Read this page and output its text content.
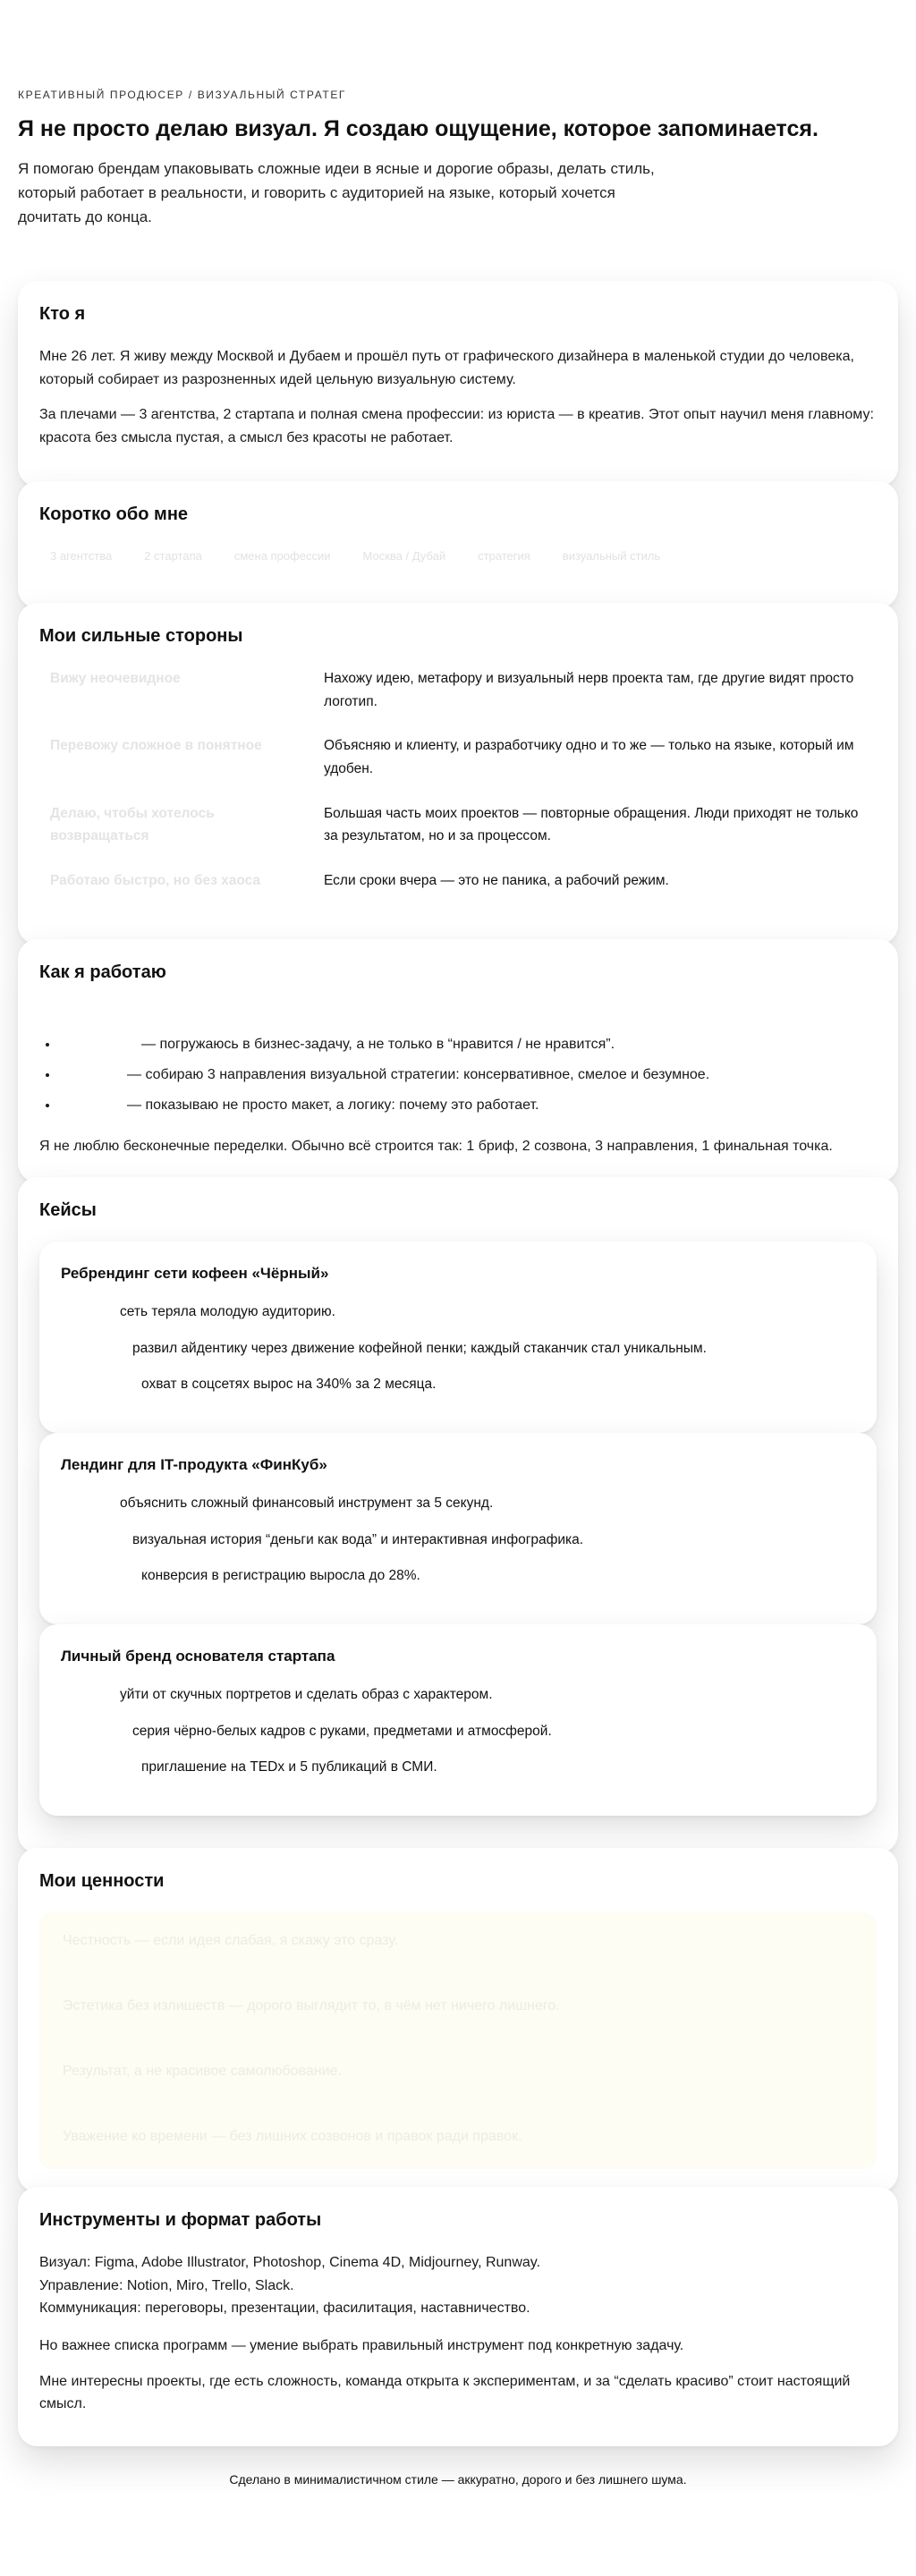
КРЕАТИВНЫЙ ПРОДЮСЕР / ВИЗУАЛЬНЫЙ СТРАТЕГ
Я не просто делаю визуал. Я создаю ощущение, которое запоминается.

Я помогаю брендам упаковывать сложные идеи в ясные и дорогие образы, делать стиль, который работает в реальности, и говорить с аудиторией на языке, который хочется дочитать до конца.

Кто я

Мне 26 лет. Я живу между Москвой и Дубаем и прошёл путь от графического дизайнера в маленькой студии до человека, который собирает из разрозненных идей цельную визуальную систему.

За плечами — 3 агентства, 2 стартапа и полная смена профессии: из юриста — в креатив. Этот опыт научил меня главному: красота без смысла пустая, а смысл без красоты не работает.

Коротко обо мне
3 агентства	2 стартапа	смена профессии	Москва / Дубай	стратегия	визуальный стиль
Мои сильные стороны
Вижу неочевидное	Нахожу идею, метафору и визуальный нерв проекта там, где другие видят просто логотип.
Перевожу сложное в понятное	Объясняю и клиенту, и разработчику одно и то же — только на языке, который им удобен.
Делаю, чтобы хотелось возвращаться	Большая часть моих проектов — повторные обращения. Люди приходят не только за результатом, но и за процессом.
Работаю быстро, но без хаоса	Если сроки вчера — это не паника, а рабочий режим.
Как я работаю
• — погружаюсь в бизнес-задачу, а не только в “нравится / не нравится”.
• — собираю 3 направления визуальной стратегии: консервативное, смелое и безумное.
• — показываю не просто макет, а логику: почему это работает.

Я не люблю бесконечные переделки. Обычно всё строится так: 1 бриф, 2 созвона, 3 направления, 1 финальная точка.

Кейсы
Ребрендинг сети кофеен «Чёрный»
сеть теряла молодую аудиторию.
развил айдентику через движение кофейной пенки; каждый стаканчик стал уникальным.
охват в соцсетях вырос на 340% за 2 месяца.
Лендинг для IT-продукта «ФинКуб»
объяснить сложный финансовый инструмент за 5 секунд.
визуальная история “деньги как вода” и интерактивная инфографика.
конверсия в регистрацию выросла до 28%.
Личный бренд основателя стартапа
уйти от скучных портретов и сделать образ с характером.
серия чёрно-белых кадров с руками, предметами и атмосферой.
приглашение на TEDx и 5 публикаций в СМИ.
Мои ценности
Честность — если идея слабая, я скажу это сразу.
Эстетика без излишеств — дорого выглядит то, в чём нет ничего лишнего.
Результат, а не красивое самолюбование.
Уважение ко времени — без лишних созвонов и правок ради правок.
Инструменты и формат работы

Визуал: Figma, Adobe Illustrator, Photoshop, Cinema 4D, Midjourney, Runway.

Управление: Notion, Miro, Trello, Slack.

Коммуникация: переговоры, презентации, фасилитация, наставничество.

Но важнее списка программ — умение выбрать правильный инструмент под конкретную задачу.

Мне интересны проекты, где есть сложность, команда открыта к экспериментам, и за “сделать красиво” стоит настоящий смысл.

Сделано в минималистичном стиле — аккуратно, дорого и без лишнего шума.
